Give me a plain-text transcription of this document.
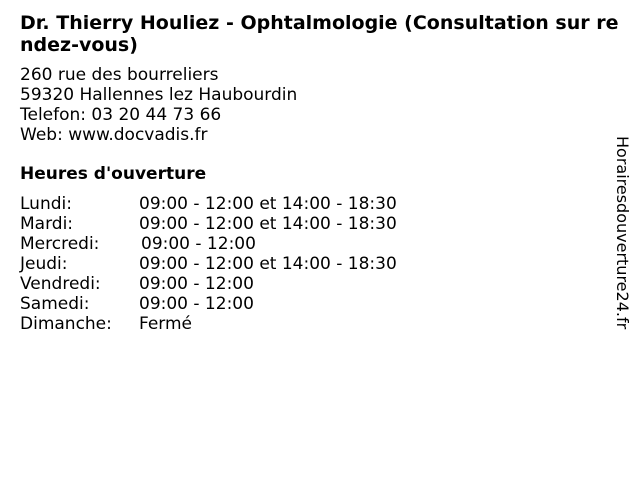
Dr. Thierry Houliez - Ophtalmologie (Consultation sur rendez-vous)
260 rue des bourreliers
59320 Hallennes lez Haubourdin
Telefon: 03 20 44 73 66
Web: www.docvadis.fr
Heures d'ouverture
Lundi:	09:00 - 12:00 et 14:00 - 18:30
Mardi:	09:00 - 12:00 et 14:00 - 18:30
Mercredi: 09:00 - 12:00
Jeudi:	09:00 - 12:00 et 14:00 - 18:30
Vendredi: 09:00 - 12:00
Samedi:	09:00 - 12:00
Dimanche: Fermé	Horairesdouverture24.fr
